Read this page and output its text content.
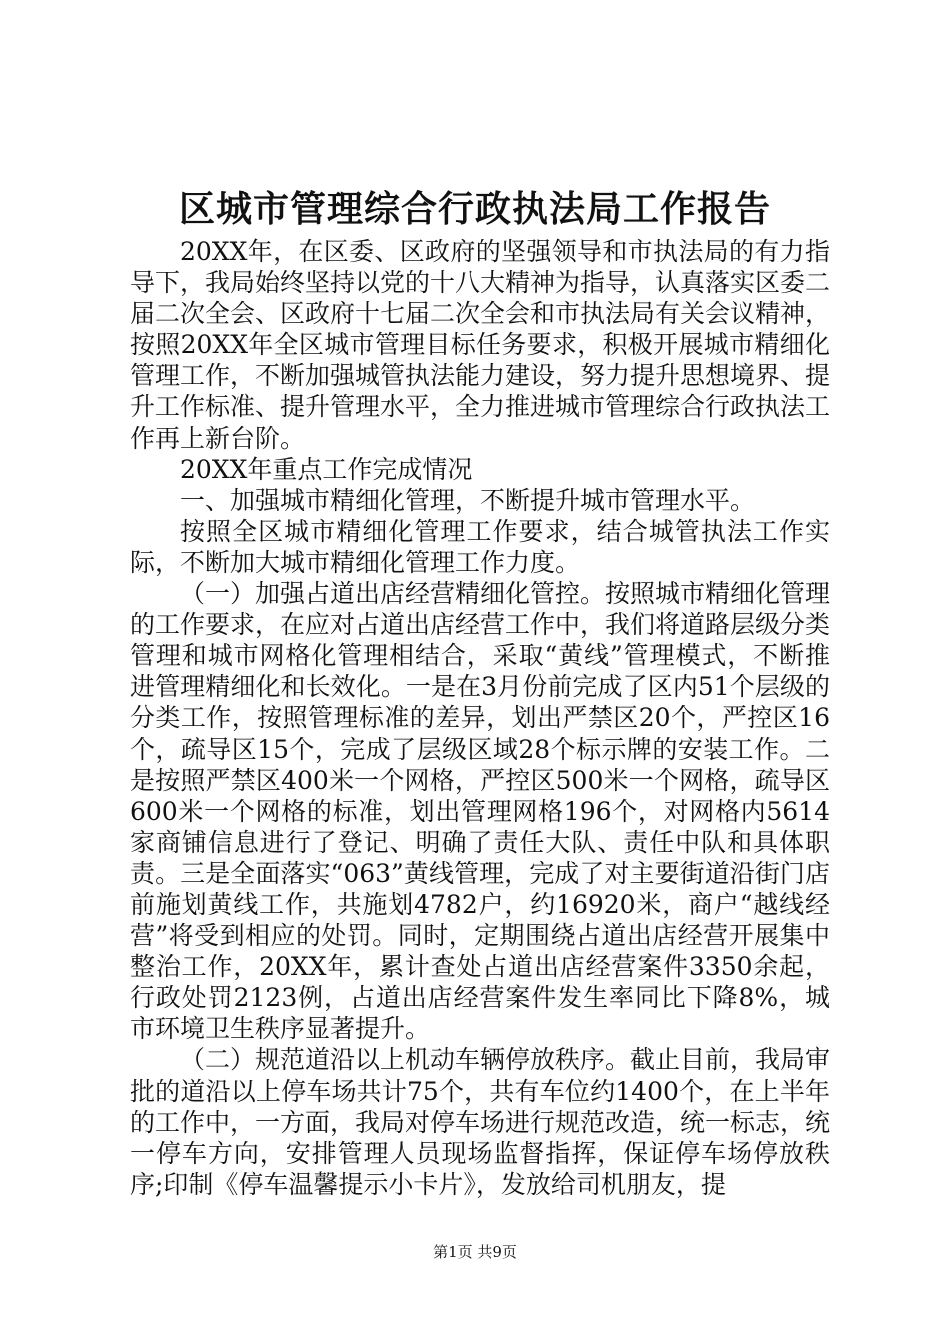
区城市管理综合行政执法局工作报告

20XX年，在区委、区政府的坚强领导和市执法局的有力指导下，我局始终坚持以党的十八大精神为指导，认真落实区委二届二次全会、区政府十七届二次全会和市执法局有关会议精神，按照20XX年全区城市管理目标任务要求，积极开展城市精细化管理工作，不断加强城管执法能力建设，努力提升思想境界、提升工作标准、提升管理水平，全力推进城市管理综合行政执法工作再上新台阶。

20XX年重点工作完成情况

一、加强城市精细化管理，不断提升城市管理水平。

按照全区城市精细化管理工作要求，结合城管执法工作实际，不断加大城市精细化管理工作力度。

（一）加强占道出店经营精细化管控。按照城市精细化管理的工作要求，在应对占道出店经营工作中，我们将道路层级分类管理和城市网格化管理相结合，采取“黄线”管理模式，不断推进管理精细化和长效化。一是在3月份前完成了区内51个层级的分类工作，按照管理标准的差异，划出严禁区20个，严控区16个，疏导区15个，完成了层级区域28个标示牌的安装工作。二是按照严禁区400米一个网格，严控区500米一个网格，疏导区600米一个网格的标准，划出管理网格196个，对网格内5614家商铺信息进行了登记、明确了责任大队、责任中队和具体职责。三是全面落实“063”黄线管理，完成了对主要街道沿街门店前施划黄线工作，共施划4782户，约16920米，商户“越线经营”将受到相应的处罚。同时，定期围绕占道出店经营开展集中整治工作，20XX年，累计查处占道出店经营案件3350余起，行政处罚2123例，占道出店经营案件发生率同比下降8%，城市环境卫生秩序显著提升。

（二）规范道沿以上机动车辆停放秩序。截止目前，我局审批的道沿以上停车场共计75个，共有车位约1400个，在上半年的工作中，一方面，我局对停车场进行规范改造，统一标志，统一停车方向，安排管理人员现场监督指挥，保证停车场停放秩序;印制《停车温馨提示小卡片》，发放给司机朋友，提

第1页 共9页
